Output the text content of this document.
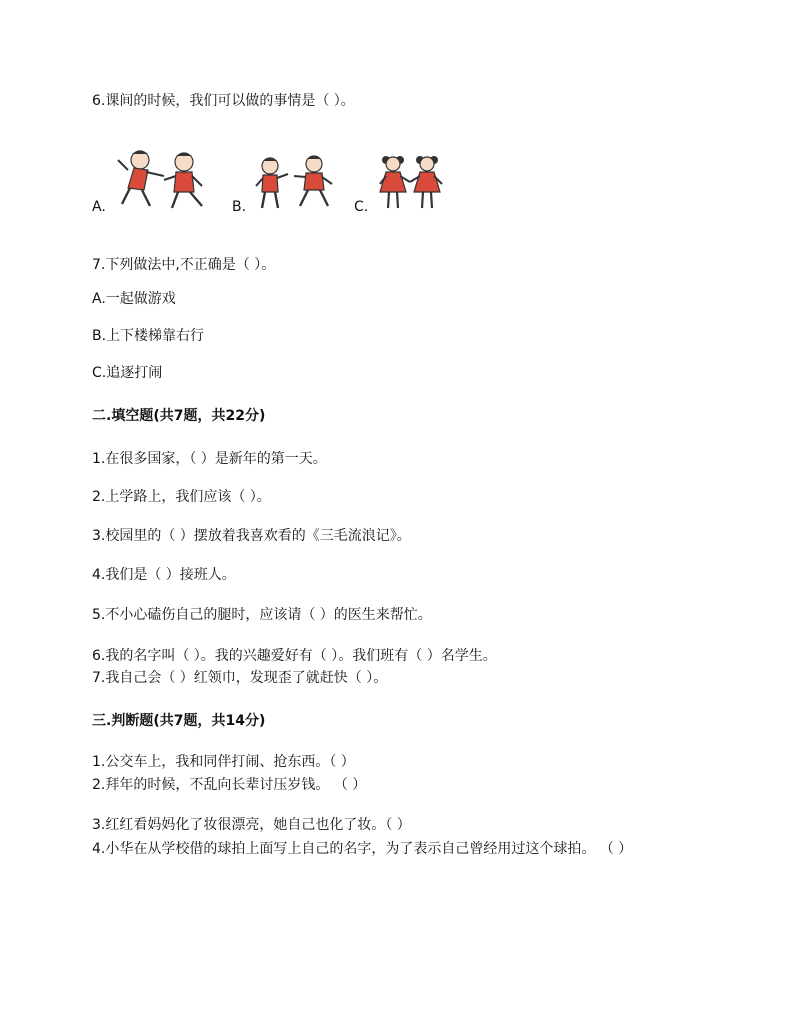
6.课间的时候，我们可以做的事情是（ ）。
A.	B.	C.
7.下列做法中,不正确是（ ）。
A.一起做游戏
B.上下楼梯靠右行
C.追逐打闹
二.填空题(共7题，共22分)
1.在很多国家，（ ）是新年的第一天。
2.上学路上，我们应该（ ）。
3.校园里的（ ）摆放着我喜欢看的《三毛流浪记》。
4.我们是（ ）接班人。
5.不小心磕伤自己的腿时，应该请（ ）的医生来帮忙。
6.我的名字叫（ ）。我的兴趣爱好有（ ）。我们班有（ ）名学生。
7.我自己会（ ）红领巾，发现歪了就赶快（ ）。
三.判断题(共7题，共14分)
1.公交车上，我和同伴打闹、抢东西。（ ）
2.拜年的时候，不乱向长辈讨压岁钱。 （ ）
3.红红看妈妈化了妆很漂亮，她自己也化了妆。（ ）
4.小华在从学校借的球拍上面写上自己的名字，为了表示自己曾经用过这个球拍。 （ ）
